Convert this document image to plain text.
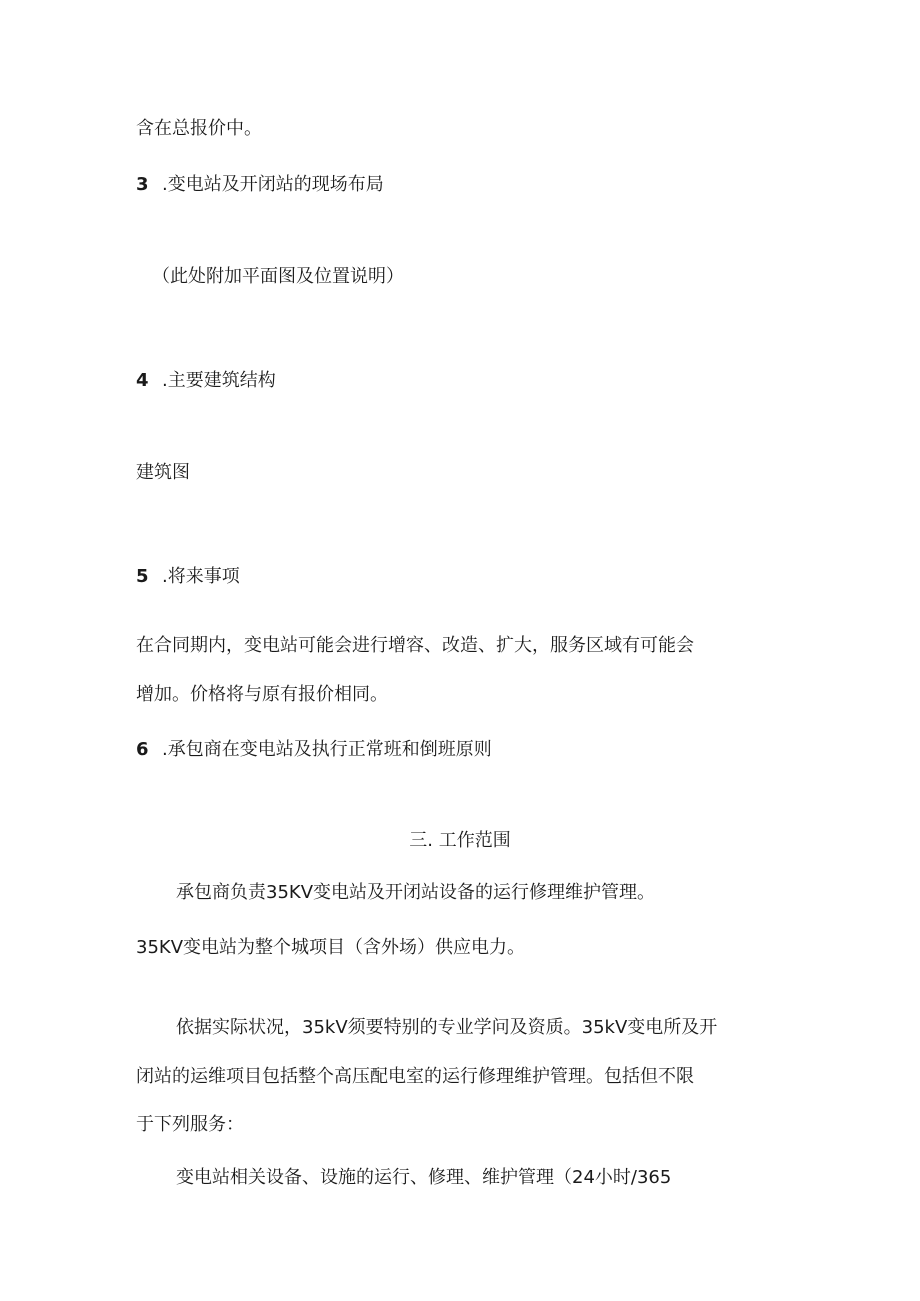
含在总报价中。

3 .变电站及开闭站的现场布局

（此处附加平面图及位置说明）

4 .主要建筑结构

建筑图

5 .将来事项

在合同期内，变电站可能会进行增容、改造、扩大，服务区域有可能会

增加。价格将与原有报价相同。

6 .承包商在变电站及执行正常班和倒班原则

三. 工作范围

承包商负责35KV变电站及开闭站设备的运行修理维护管理。

35KV变电站为整个城项目（含外场）供应电力。

依据实际状况，35kV须要特别的专业学问及资质。35kV变电所及开

闭站的运维项目包括整个高压配电室的运行修理维护管理。包括但不限

于下列服务：

变电站相关设备、设施的运行、修理、维护管理（24小时/365
